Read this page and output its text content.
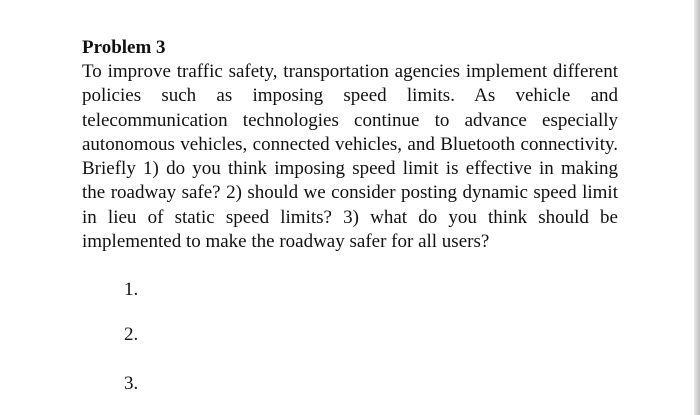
Problem 3

To improve traffic safety, transportation agencies implement different policies such as imposing speed limits. As vehicle and telecommunication technologies continue to advance especially autonomous vehicles, connected vehicles, and Bluetooth connectivity. Briefly 1) do you think imposing speed limit is effective in making the roadway safe? 2) should we consider posting dynamic speed limit in lieu of static speed limits? 3) what do you think should be implemented to make the roadway safer for all users?

1.
2.
3.
